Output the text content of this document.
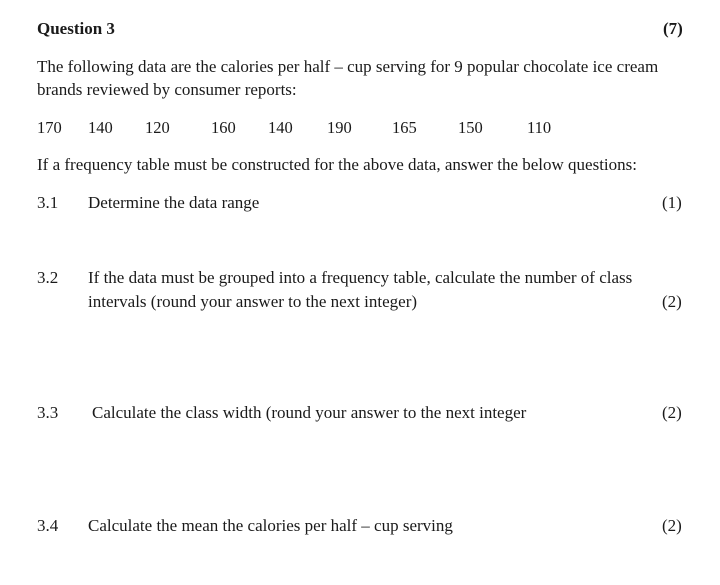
Question 3	(7)
The following data are the calories per half – cup serving for 9 popular chocolate ice cream
brands reviewed by consumer reports:
170 140 120	160 140 190 165	150	110
If a frequency table must be constructed for the above data, answer the below questions:
3.1 Determine the data range	(1)
3.2 If the data must be grouped into a frequency table, calculate the number of class
intervals (round your answer to the next integer)	(2)
3.3 Calculate the class width (round your answer to the next integer	(2)
3.4 Calculate the mean the calories per half – cup serving	(2)
